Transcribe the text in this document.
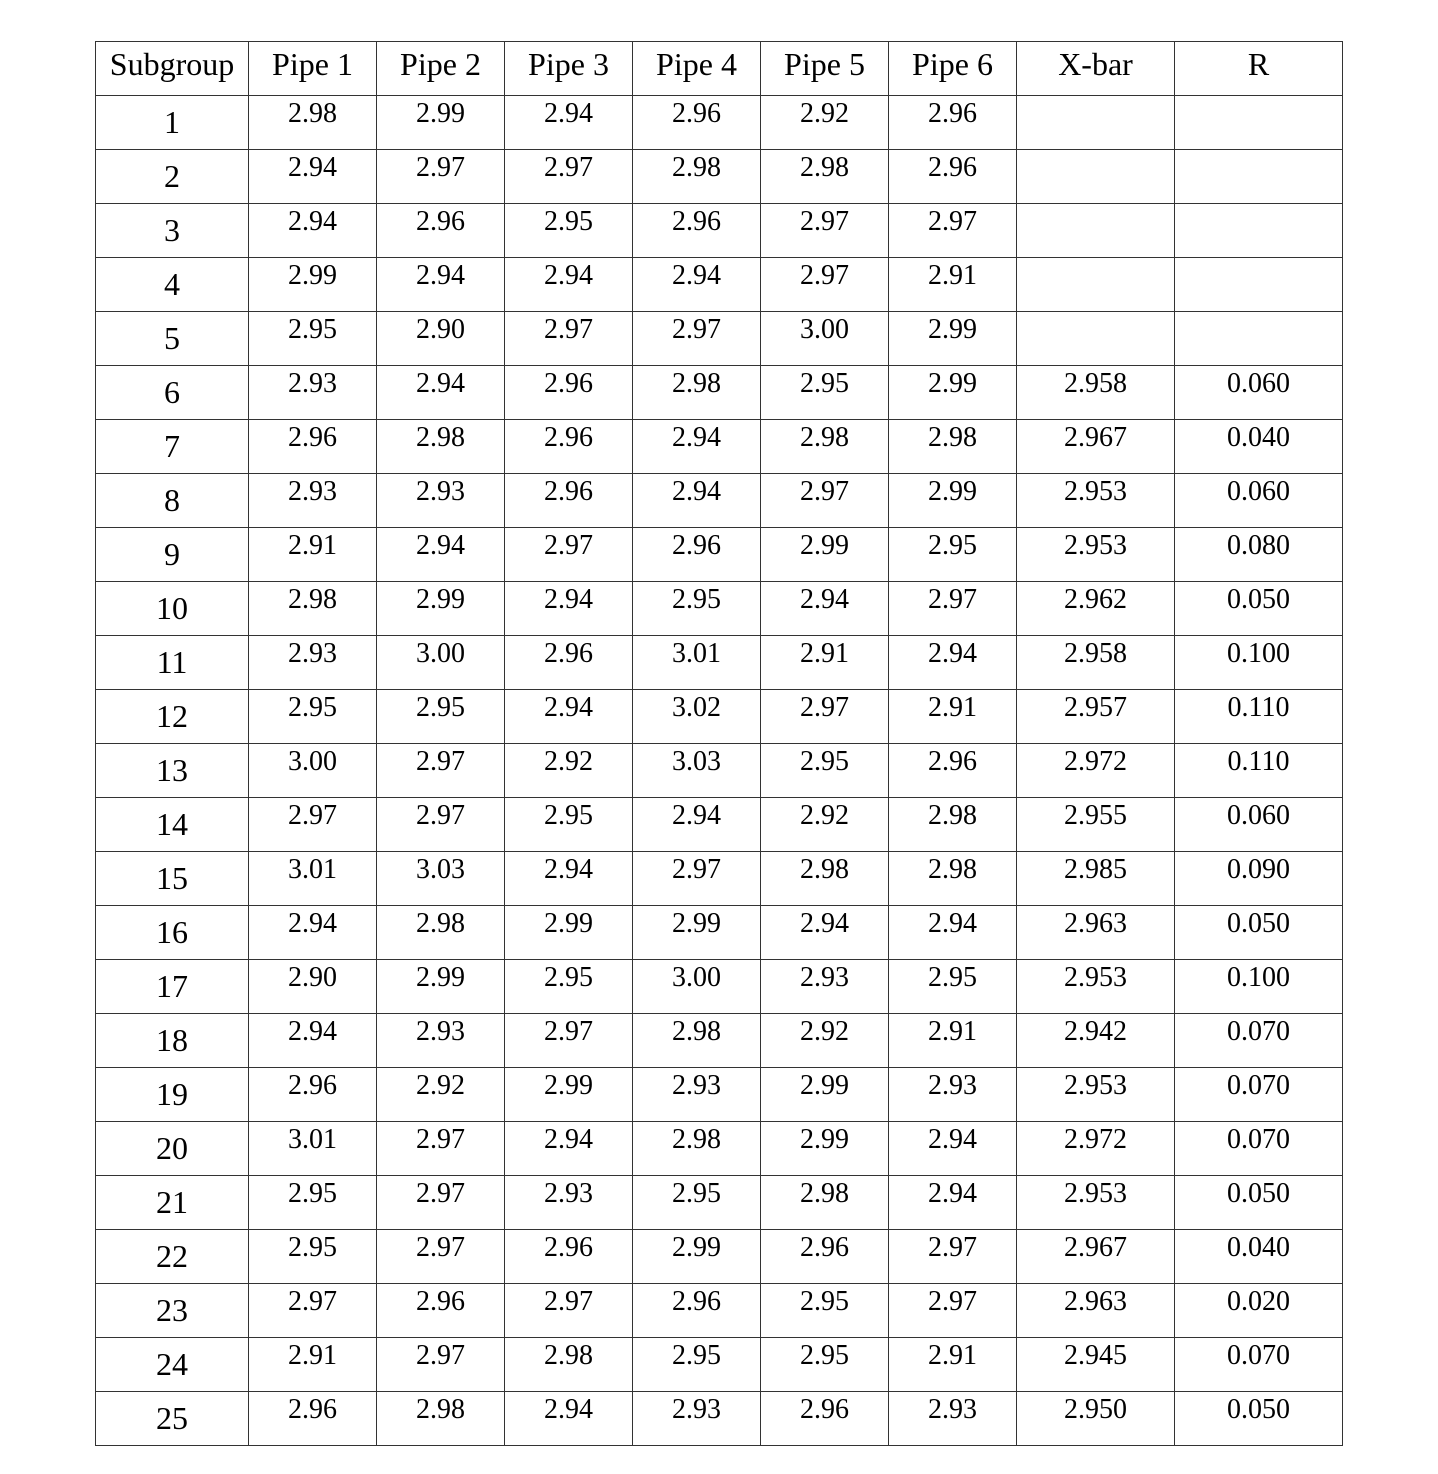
Subgroup	Pipe 1	Pipe 2	Pipe 3	Pipe 4	Pipe 5	Pipe 6	X-bar	R
1	2.98	2.99	2.94	2.96	2.92	2.96		
2	2.94	2.97	2.97	2.98	2.98	2.96		
3	2.94	2.96	2.95	2.96	2.97	2.97		
4	2.99	2.94	2.94	2.94	2.97	2.91		
5	2.95	2.90	2.97	2.97	3.00	2.99		
6	2.93	2.94	2.96	2.98	2.95	2.99	2.958	0.060
7	2.96	2.98	2.96	2.94	2.98	2.98	2.967	0.040
8	2.93	2.93	2.96	2.94	2.97	2.99	2.953	0.060
9	2.91	2.94	2.97	2.96	2.99	2.95	2.953	0.080
10	2.98	2.99	2.94	2.95	2.94	2.97	2.962	0.050
11	2.93	3.00	2.96	3.01	2.91	2.94	2.958	0.100
12	2.95	2.95	2.94	3.02	2.97	2.91	2.957	0.110
13	3.00	2.97	2.92	3.03	2.95	2.96	2.972	0.110
14	2.97	2.97	2.95	2.94	2.92	2.98	2.955	0.060
15	3.01	3.03	2.94	2.97	2.98	2.98	2.985	0.090
16	2.94	2.98	2.99	2.99	2.94	2.94	2.963	0.050
17	2.90	2.99	2.95	3.00	2.93	2.95	2.953	0.100
18	2.94	2.93	2.97	2.98	2.92	2.91	2.942	0.070
19	2.96	2.92	2.99	2.93	2.99	2.93	2.953	0.070
20	3.01	2.97	2.94	2.98	2.99	2.94	2.972	0.070
21	2.95	2.97	2.93	2.95	2.98	2.94	2.953	0.050
22	2.95	2.97	2.96	2.99	2.96	2.97	2.967	0.040
23	2.97	2.96	2.97	2.96	2.95	2.97	2.963	0.020
24	2.91	2.97	2.98	2.95	2.95	2.91	2.945	0.070
25	2.96	2.98	2.94	2.93	2.96	2.93	2.950	0.050
